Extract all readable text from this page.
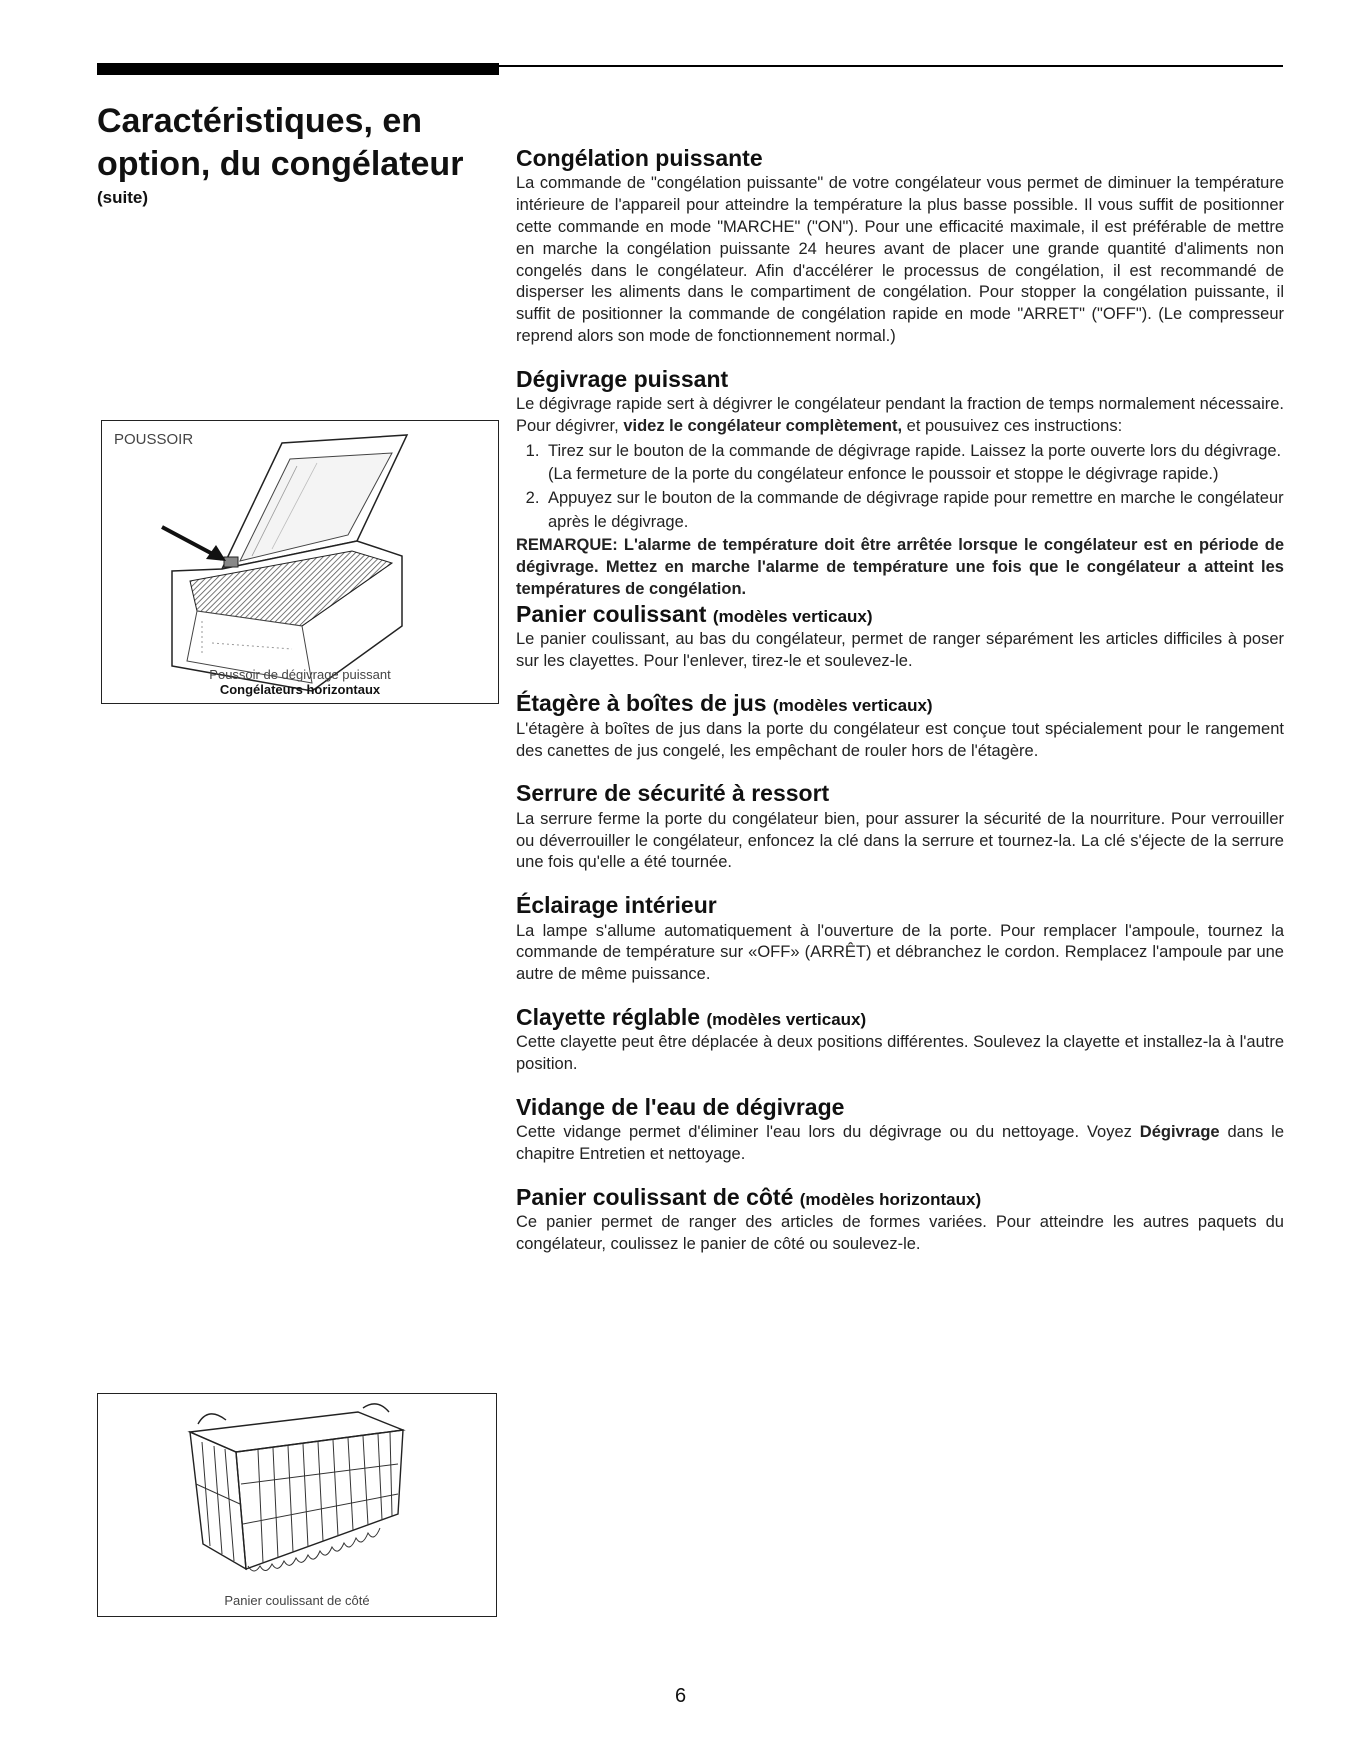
Caractéristiques, en option, du congélateur
(suite)
POUSSOIR
Poussoir de dégivrage puissant
Congélateurs horizontaux
Panier coulissant de côté
Congélation puissante

La commande de "congélation puissante" de votre congélateur vous permet de diminuer la température intérieure de l'appareil pour atteindre la température la plus basse possible. Il vous suffit de positionner cette commande en mode "MARCHE" ("ON"). Pour une efficacité maximale, il est préférable de mettre en marche la congélation puissante 24 heures avant de placer une grande quantité d'aliments non congelés dans le congélateur. Afin d'accélérer le processus de congélation, il est recommandé de disperser les aliments dans le compartiment de congélation. Pour stopper la congélation puissante, il suffit de positionner la commande de congélation rapide en mode "ARRET" ("OFF"). (Le compresseur reprend alors son mode de fonctionnement normal.)

Dégivrage puissant

Le dégivrage rapide sert à dégivrer le congélateur pendant la fraction de temps normalement nécessaire. Pour dégivrer, videz le congélateur complètement, et pousuivez ces instructions:

1. Tirez sur le bouton de la commande de dégivrage rapide. Laissez la porte ouverte lors du dégivrage. (La fermeture de la porte du congélateur enfonce le poussoir et stoppe le dégivrage rapide.)
2. Appuyez sur le bouton de la commande de dégivrage rapide pour remettre en marche le congélateur après le dégivrage.

REMARQUE: L'alarme de température doit être arrêtée lorsque le congélateur est en période de dégivrage. Mettez en marche l'alarme de température une fois que le congélateur a atteint les températures de congélation.

Panier coulissant (modèles verticaux)

Le panier coulissant, au bas du congélateur, permet de ranger séparément les articles difficiles à poser sur les clayettes. Pour l'enlever, tirez-le et soulevez-le.

Étagère à boîtes de jus (modèles verticaux)

L'étagère à boîtes de jus dans la porte du congélateur est conçue tout spécialement pour le rangement des canettes de jus congelé, les empêchant de rouler hors de l'étagère.

Serrure de sécurité à ressort

La serrure ferme la porte du congélateur bien, pour assurer la sécurité de la nourriture. Pour verrouiller ou déverrouiller le congélateur, enfoncez la clé dans la serrure et tournez-la. La clé s'éjecte de la serrure une fois qu'elle a été tournée.

Éclairage intérieur

La lampe s'allume automatiquement à l'ouverture de la porte. Pour remplacer l'ampoule, tournez la commande de température sur «OFF» (ARRÊT) et débranchez le cordon. Remplacez l'ampoule par une autre de même puissance.

Clayette réglable (modèles verticaux)

Cette clayette peut être déplacée à deux positions différentes. Soulevez la clayette et installez-la à l'autre position.

Vidange de l'eau de dégivrage

Cette vidange permet d'éliminer l'eau lors du dégivrage ou du nettoyage. Voyez Dégivrage dans le chapitre Entretien et nettoyage.

Panier coulissant de côté (modèles horizontaux)

Ce panier permet de ranger des articles de formes variées. Pour atteindre les autres paquets du congélateur, coulissez le panier de côté ou soulevez-le.

6
